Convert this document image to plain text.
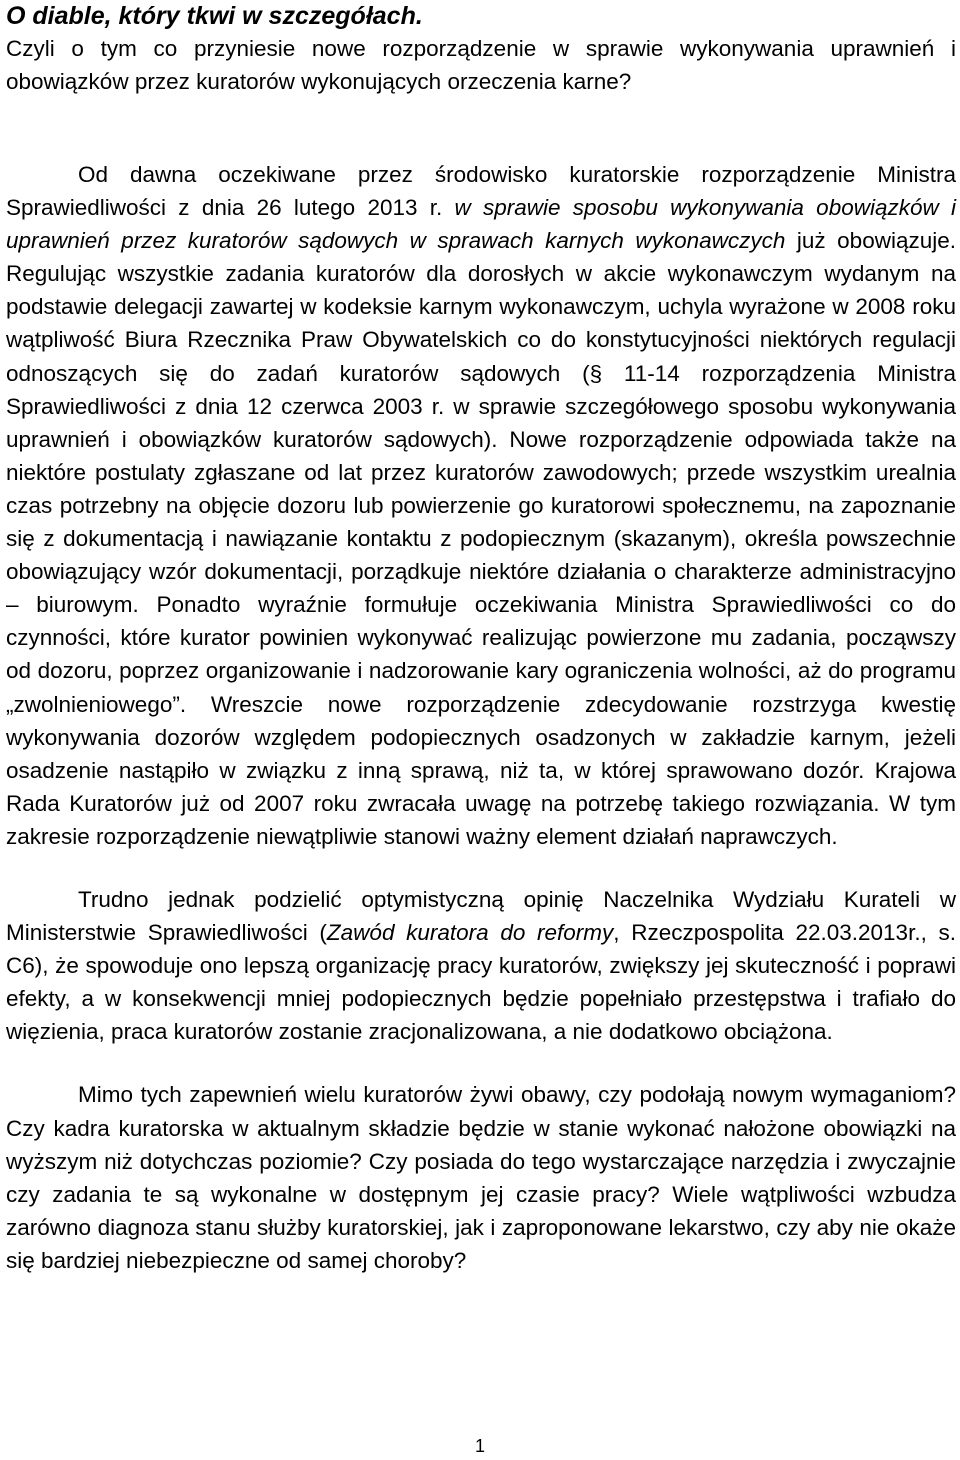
O diable, który tkwi w szczegółach.

Czyli o tym co przyniesie nowe rozporządzenie w sprawie wykonywania uprawnień i obowiązków przez kuratorów wykonujących orzeczenia karne?

Od dawna oczekiwane przez środowisko kuratorskie rozporządzenie Ministra Sprawiedliwości z dnia 26 lutego 2013 r. w sprawie sposobu wykonywania obowiązków i uprawnień przez kuratorów sądowych w sprawach karnych wykonawczych już obowiązuje. Regulując wszystkie zadania kuratorów dla dorosłych w akcie wykonawczym wydanym na podstawie delegacji zawartej w kodeksie karnym wykonawczym, uchyla wyrażone w 2008 roku wątpliwość Biura Rzecznika Praw Obywatelskich co do konstytucyjności niektórych regulacji odnoszących się do zadań kuratorów sądowych (§ 11-14 rozporządzenia Ministra Sprawiedliwości z dnia 12 czerwca 2003 r. w sprawie szczegółowego sposobu wykonywania uprawnień i obowiązków kuratorów sądowych). Nowe rozporządzenie odpowiada także na niektóre postulaty zgłaszane od lat przez kuratorów zawodowych; przede wszystkim urealnia czas potrzebny na objęcie dozoru lub powierzenie go kuratorowi społecznemu, na zapoznanie się z dokumentacją i nawiązanie kontaktu z podopiecznym (skazanym), określa powszechnie obowiązujący wzór dokumentacji, porządkuje niektóre działania o charakterze administracyjno – biurowym. Ponadto wyraźnie formułuje oczekiwania Ministra Sprawiedliwości co do czynności, które kurator powinien wykonywać realizując powierzone mu zadania, począwszy od dozoru, poprzez organizowanie i nadzorowanie kary ograniczenia wolności, aż do programu „zwolnieniowego”. Wreszcie nowe rozporządzenie zdecydowanie rozstrzyga kwestię wykonywania dozorów względem podopiecznych osadzonych w zakładzie karnym, jeżeli osadzenie nastąpiło w związku z inną sprawą, niż ta, w której sprawowano dozór. Krajowa Rada Kuratorów już od 2007 roku zwracała uwagę na potrzebę takiego rozwiązania. W tym zakresie rozporządzenie niewątpliwie stanowi ważny element działań naprawczych.

Trudno jednak podzielić optymistyczną opinię Naczelnika Wydziału Kurateli w Ministerstwie Sprawiedliwości (Zawód kuratora do reformy, Rzeczpospolita 22.03.2013r., s. C6), że spowoduje ono lepszą organizację pracy kuratorów, zwiększy jej skuteczność i poprawi efekty, a w konsekwencji mniej podopiecznych będzie popełniało przestępstwa i trafiało do więzienia, praca kuratorów zostanie zracjonalizowana, a nie dodatkowo obciążona.

Mimo tych zapewnień wielu kuratorów żywi obawy, czy podołają nowym wymaganiom? Czy kadra kuratorska w aktualnym składzie będzie w stanie wykonać nałożone obowiązki na wyższym niż dotychczas poziomie? Czy posiada do tego wystarczające narzędzia i zwyczajnie czy zadania te są wykonalne w dostępnym jej czasie pracy? Wiele wątpliwości wzbudza zarówno diagnoza stanu służby kuratorskiej, jak i zaproponowane lekarstwo, czy aby nie okaże się bardziej niebezpieczne od samej choroby?

1
